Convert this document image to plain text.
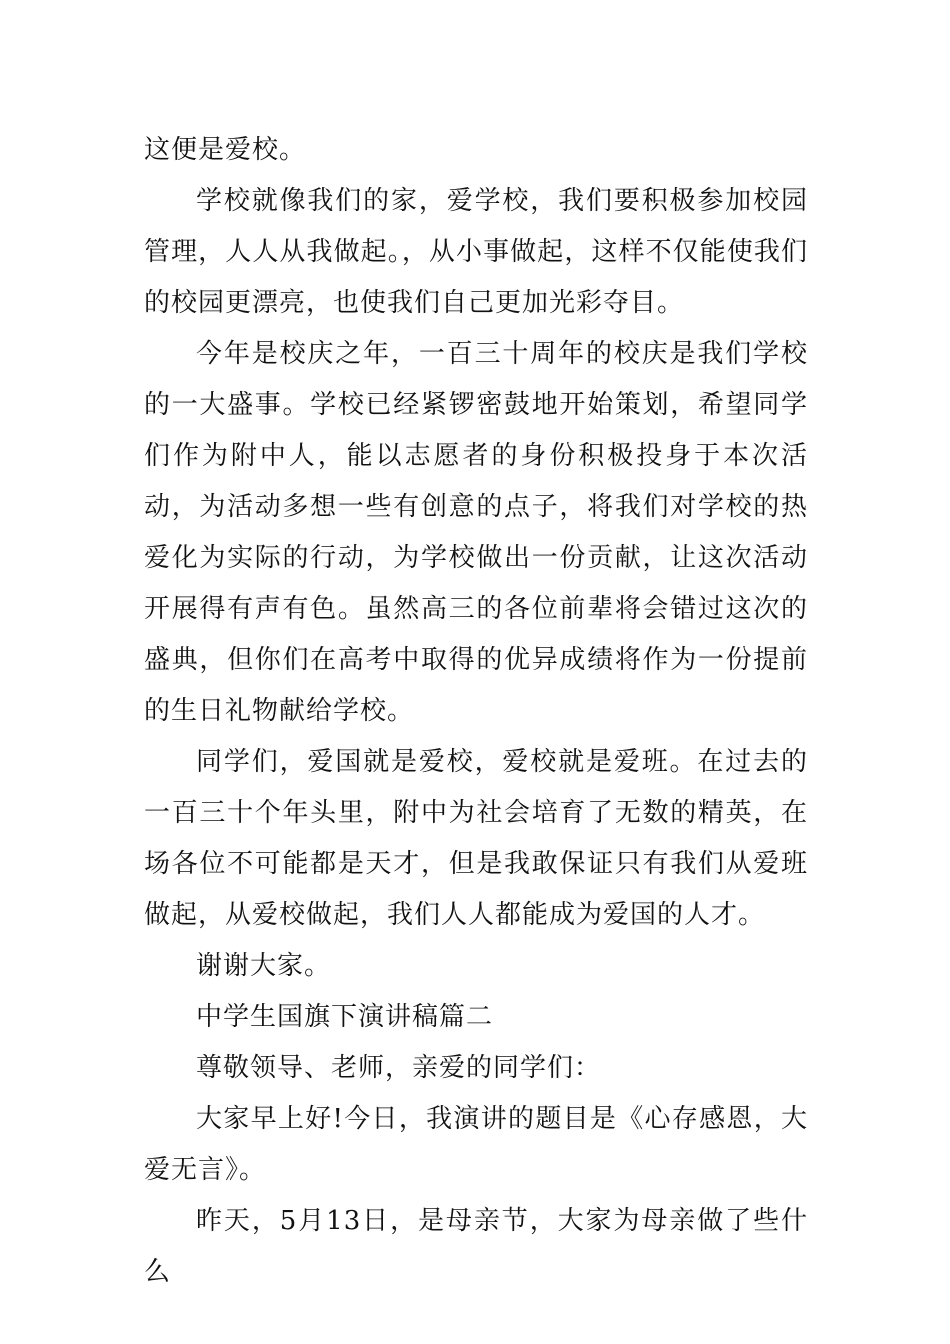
这便是爱校。

学校就像我们的家，爱学校，我们要积极参加校园管理，人人从我做起。，从小事做起，这样不仅能使我们的校园更漂亮，也使我们自己更加光彩夺目。

今年是校庆之年，一百三十周年的校庆是我们学校的一大盛事。学校已经紧锣密鼓地开始策划，希望同学们作为附中人，能以志愿者的身份积极投身于本次活动，为活动多想一些有创意的点子，将我们对学校的热爱化为实际的行动，为学校做出一份贡献，让这次活动开展得有声有色。虽然高三的各位前辈将会错过这次的盛典，但你们在高考中取得的优异成绩将作为一份提前的生日礼物献给学校。

同学们，爱国就是爱校，爱校就是爱班。在过去的一百三十个年头里，附中为社会培育了无数的精英，在场各位不可能都是天才，但是我敢保证只有我们从爱班做起，从爱校做起，我们人人都能成为爱国的人才。

谢谢大家。

中学生国旗下演讲稿篇二

尊敬领导、老师，亲爱的同学们：

大家早上好!今日，我演讲的题目是《心存感恩，大爱无言》。

昨天，5月13日，是母亲节，大家为母亲做了些什么
